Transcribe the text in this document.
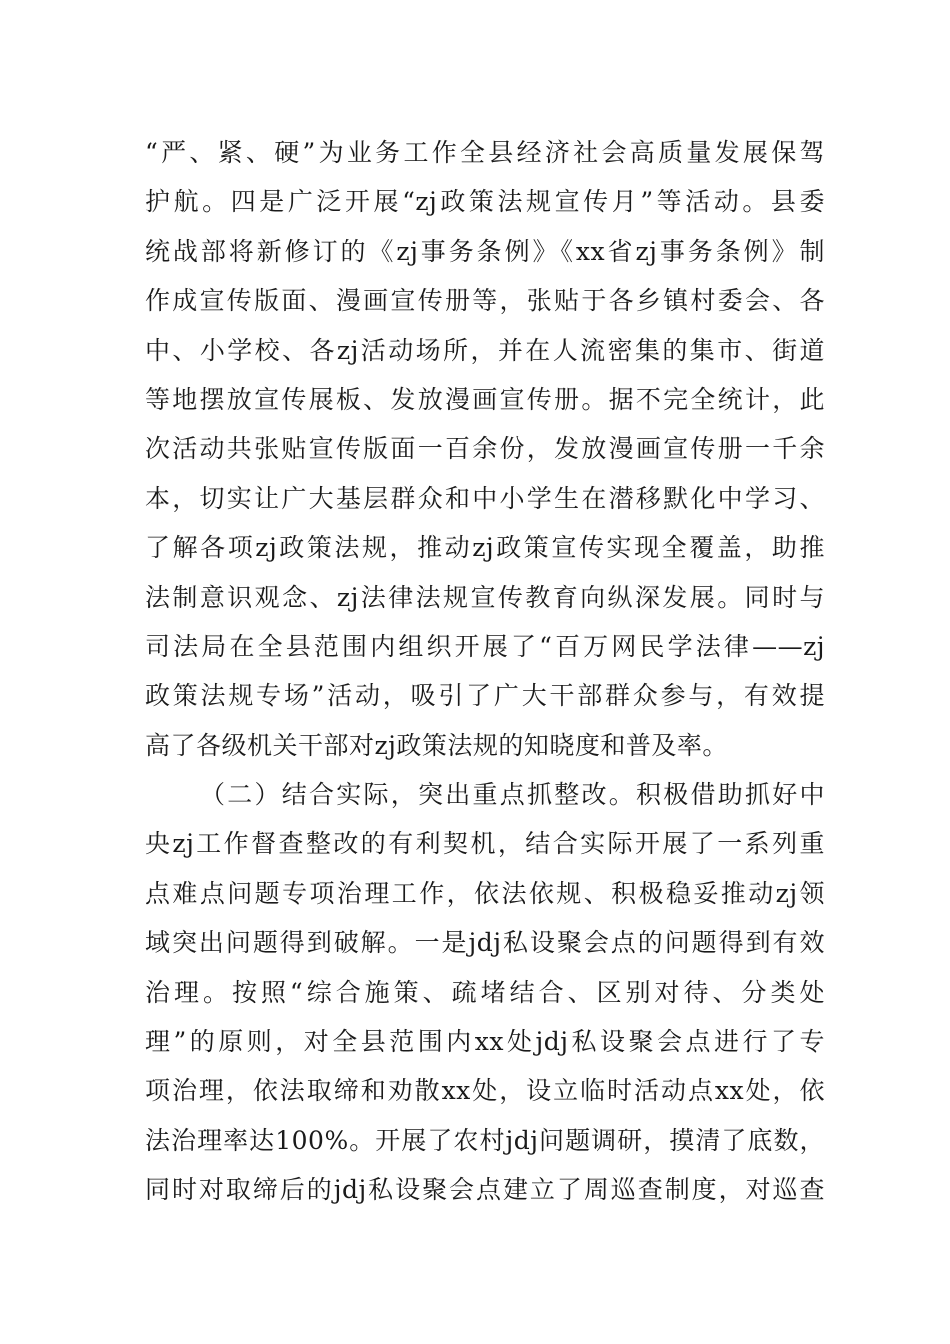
“严、紧、硬”为业务工作全县经济社会高质量发展保驾
护航。四是广泛开展“zj政策法规宣传月”等活动。县委
统战部将新修订的《zj事务条例》《xx省zj事务条例》制
作成宣传版面、漫画宣传册等，张贴于各乡镇村委会、各
中、小学校、各zj活动场所，并在人流密集的集市、街道
等地摆放宣传展板、发放漫画宣传册。据不完全统计，此
次活动共张贴宣传版面一百余份，发放漫画宣传册一千余
本，切实让广大基层群众和中小学生在潜移默化中学习、
了解各项zj政策法规，推动zj政策宣传实现全覆盖，助推
法制意识观念、zj法律法规宣传教育向纵深发展。同时与
司法局在全县范围内组织开展了“百万网民学法律——zj
政策法规专场”活动，吸引了广大干部群众参与，有效提
高了各级机关干部对zj政策法规的知晓度和普及率。
（二）结合实际，突出重点抓整改。积极借助抓好中
央zj工作督查整改的有利契机，结合实际开展了一系列重
点难点问题专项治理工作，依法依规、积极稳妥推动zj领
域突出问题得到破解。一是jdj私设聚会点的问题得到有效
治理。按照“综合施策、疏堵结合、区别对待、分类处
理”的原则，对全县范围内xx处jdj私设聚会点进行了专
项治理，依法取缔和劝散xx处，设立临时活动点xx处，依
法治理率达100%。开展了农村jdj问题调研，摸清了底数，
同时对取缔后的jdj私设聚会点建立了周巡查制度，对巡查
